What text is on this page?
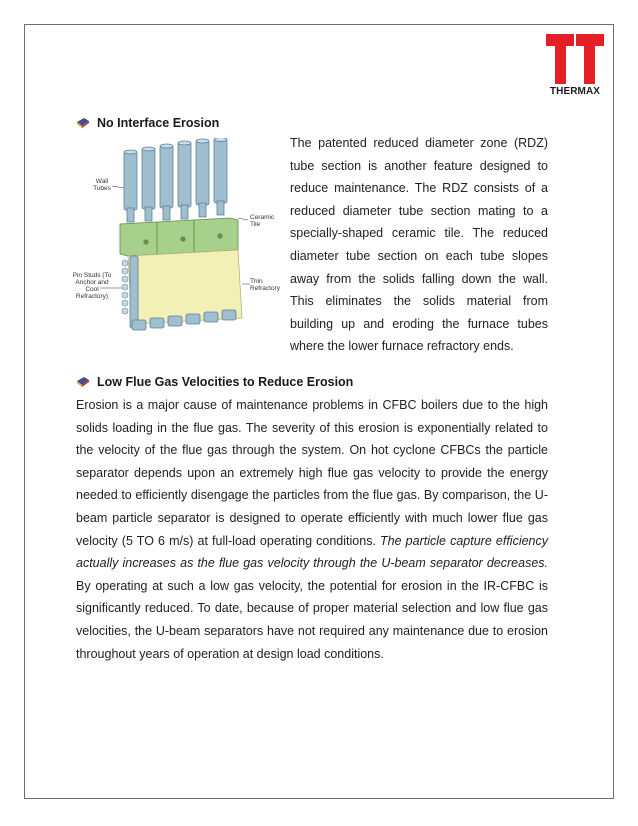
THERMAX
No Interface Erosion
Wall Tubes
Ceramic Tile
Pin Studs (To Anchor and Cool Refractory)
Thin Refractory
The patented reduced diameter zone (RDZ) tube section is another feature designed to reduce maintenance. The RDZ consists of a reduced diameter tube section mating to a specially-shaped ceramic tile. The reduced diameter tube section on each tube slopes away from the solids falling down the wall. This eliminates the solids material from building up and eroding the furnace tubes where the lower furnace refractory ends.
Low Flue Gas Velocities to Reduce Erosion
Erosion is a major cause of maintenance problems in CFBC boilers due to the high solids loading in the flue gas. The severity of this erosion is exponentially related to the velocity of the flue gas through the system. On hot cyclone CFBCs the particle separator depends upon an extremely high flue gas velocity to provide the energy needed to efficiently disengage the particles from the flue gas. By comparison, the U-beam particle separator is designed to operate efficiently with much lower flue gas velocity (5 TO 6 m/s) at full-load operating conditions. The particle capture efficiency actually increases as the flue gas velocity through the U-beam separator decreases. By operating at such a low gas velocity, the potential for erosion in the IR-CFBC is significantly reduced. To date, because of proper material selection and low flue gas velocities, the U-beam separators have not required any maintenance due to erosion throughout years of operation at design load conditions.
